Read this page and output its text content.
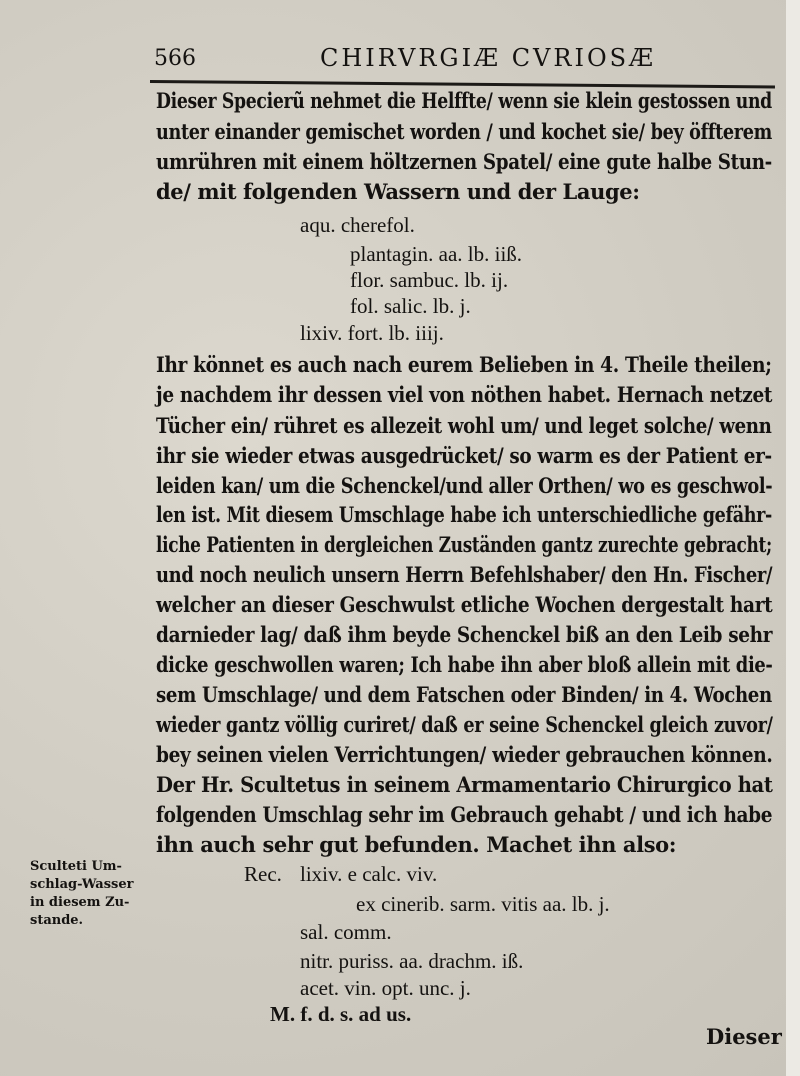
566	CHIRVRGIÆ CVRIOSÆ
Dieser Specierũ nehmet die Helffte/ wenn sie klein gestossen und
unter einander gemischet worden / und kochet sie/ bey öffterem
umrühren mit einem höltzernen Spatel/ eine gute halbe Stun-
de/ mit folgenden Wassern und der Lauge:
aqu. cherefol.
plantagin. aa. lb. iiß.
flor. sambuc. lb. ij.
fol. salic. lb. j.
lixiv. fort. lb. iiij.
Ihr könnet es auch nach eurem Belieben in 4. Theile theilen;
je nachdem ihr dessen viel von nöthen habet. Hernach netzet
Tücher ein/ rühret es allezeit wohl um/ und leget solche/ wenn
ihr sie wieder etwas ausgedrücket/ so warm es der Patient er-
leiden kan/ um die Schenckel/und aller Orthen/ wo es geschwol-
len ist. Mit diesem Umschlage habe ich unterschiedliche gefähr-
liche Patienten in dergleichen Zuständen gantz zurechte gebracht;
und noch neulich unsern Herrn Befehlshaber/ den Hn. Fischer/
welcher an dieser Geschwulst etliche Wochen dergestalt hart
darnieder lag/ daß ihm beyde Schenckel biß an den Leib sehr
dicke geschwollen waren; Ich habe ihn aber bloß allein mit die-
sem Umschlage/ und dem Fatschen oder Binden/ in 4. Wochen
wieder gantz völlig curiret/ daß er seine Schenckel gleich zuvor/
bey seinen vielen Verrichtungen/ wieder gebrauchen können.
Der Hr. Scultetus in seinem Armamentario Chirurgico hat
folgenden Umschlag sehr im Gebrauch gehabt / und ich habe
ihn auch sehr gut befunden. Machet ihn also:
Sculteti Um-
schlag-Wasser
in diesem Zu-
stande.
Rec. lixiv. e calc. viv.
ex cinerib. sarm. vitis aa. lb. j.
sal. comm.
nitr. puriss. aa. drachm. iß.
acet. vin. opt. unc. j.
M. f. d. s. ad us.
Dieser
